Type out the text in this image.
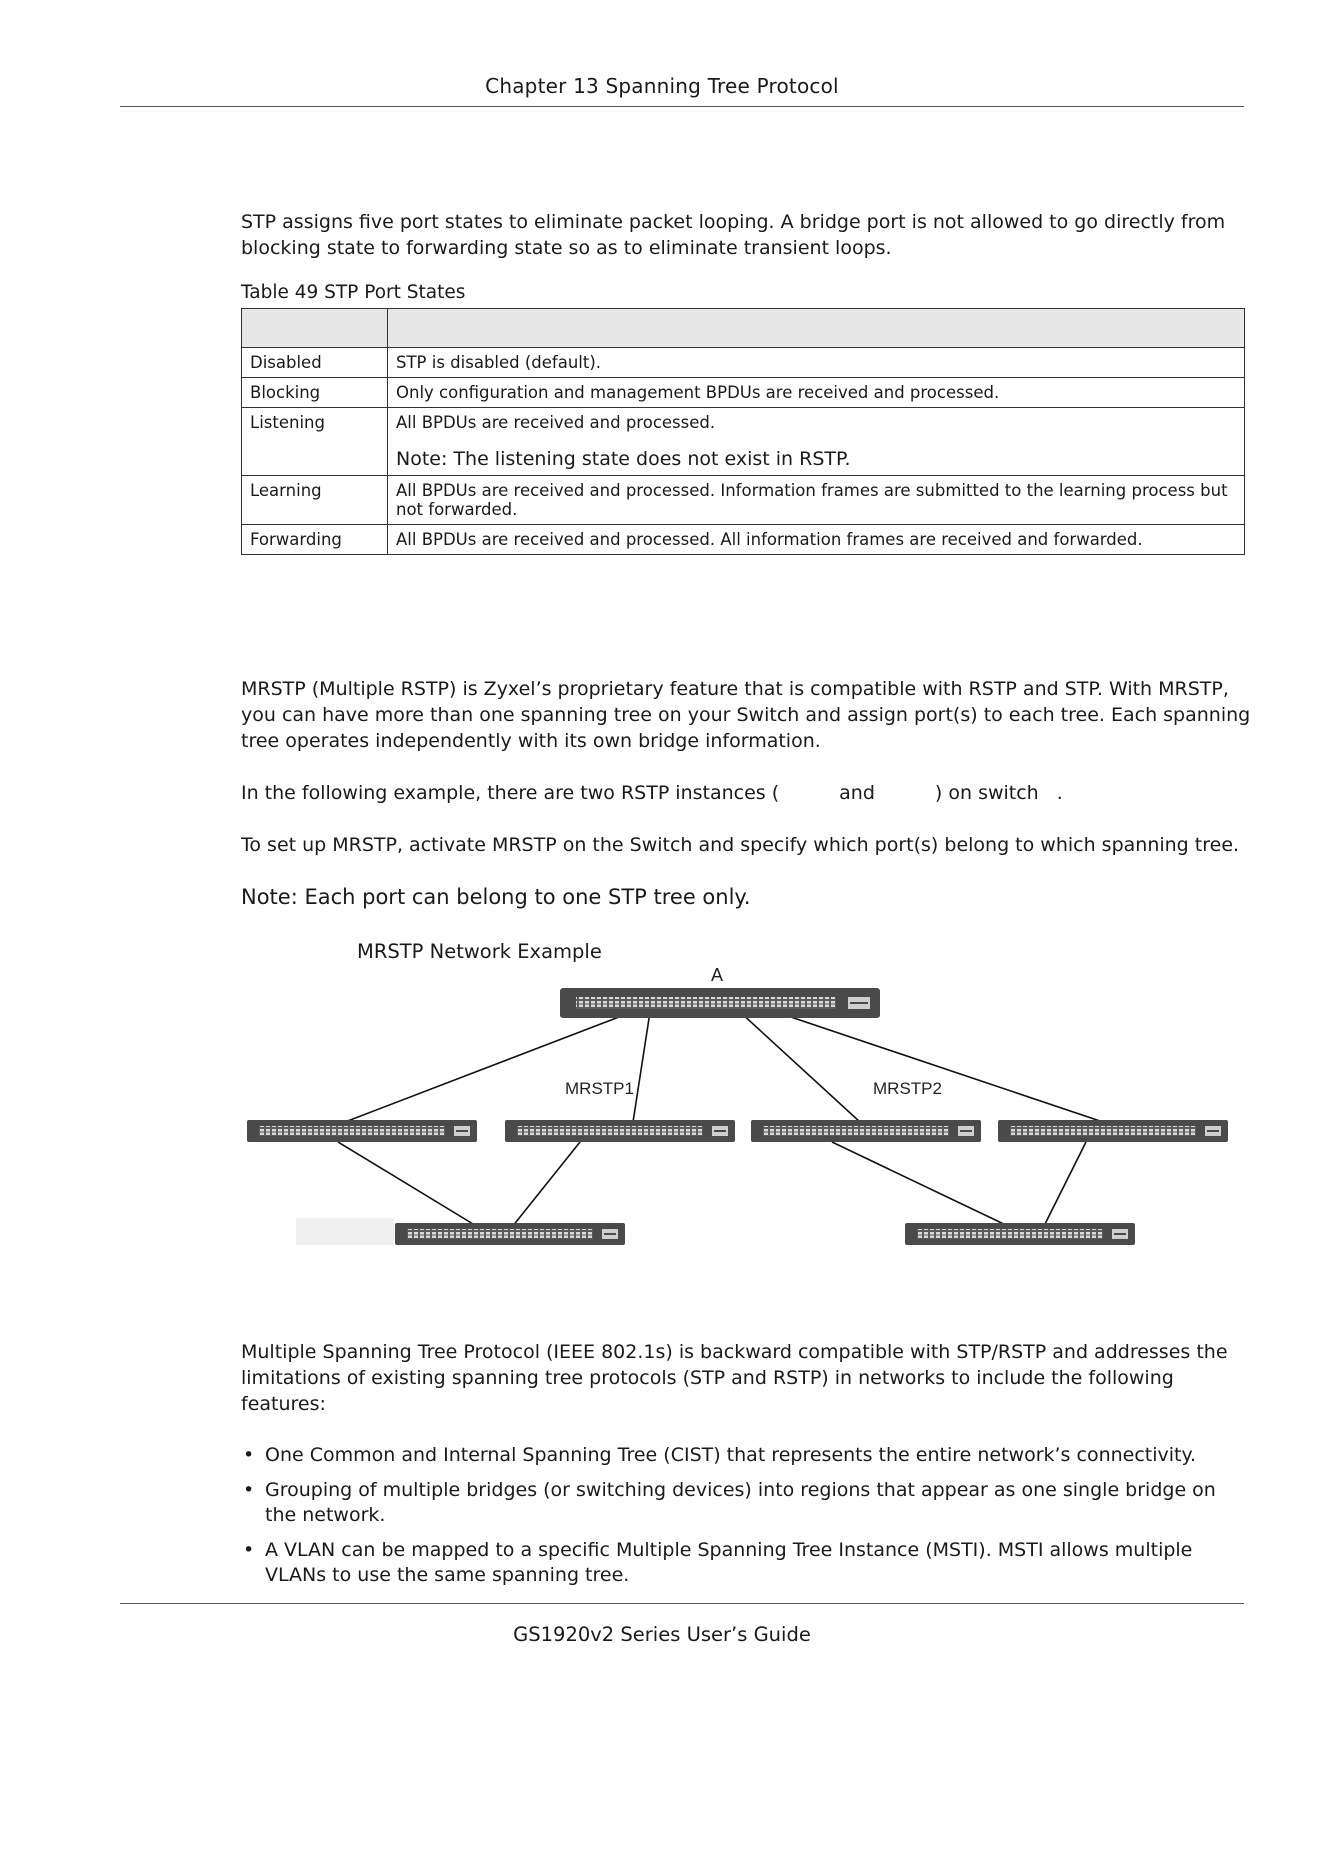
Chapter 13 Spanning Tree Protocol

STP assigns five port states to eliminate packet looping. A bridge port is not allowed to go directly from blocking state to forwarding state so as to eliminate transient loops.

Table 49 STP Port States

Disabled	STP is disabled (default).
Blocking	Only configuration and management BPDUs are received and processed.
Listening	All BPDUs are received and processed.
Note: The listening state does not exist in RSTP.

Learning	All BPDUs are received and processed. Information frames are submitted to the learning process but not forwarded.
Forwarding	All BPDUs are received and processed. All information frames are received and forwarded.

MRSTP (Multiple RSTP) is Zyxel’s proprietary feature that is compatible with RSTP and STP. With MRSTP, you can have more than one spanning tree on your Switch and assign port(s) to each tree. Each spanning tree operates independently with its own bridge information.

In the following example, there are two RSTP instances (	and	) on switch .

To set up MRSTP, activate MRSTP on the Switch and specify which port(s) belong to which spanning tree.

Note: Each port can belong to one STP tree only.
MRSTP Network Example
A
MRSTP1	MRSTP2

Multiple Spanning Tree Protocol (IEEE 802.1s) is backward compatible with STP/RSTP and addresses the limitations of existing spanning tree protocols (STP and RSTP) in networks to include the following features:

• One Common and Internal Spanning Tree (CIST) that represents the entire network’s connectivity.
• Grouping of multiple bridges (or switching devices) into regions that appear as one single bridge on the network.
• A VLAN can be mapped to a specific Multiple Spanning Tree Instance (MSTI). MSTI allows multiple VLANs to use the same spanning tree.
GS1920v2 Series User’s Guide
